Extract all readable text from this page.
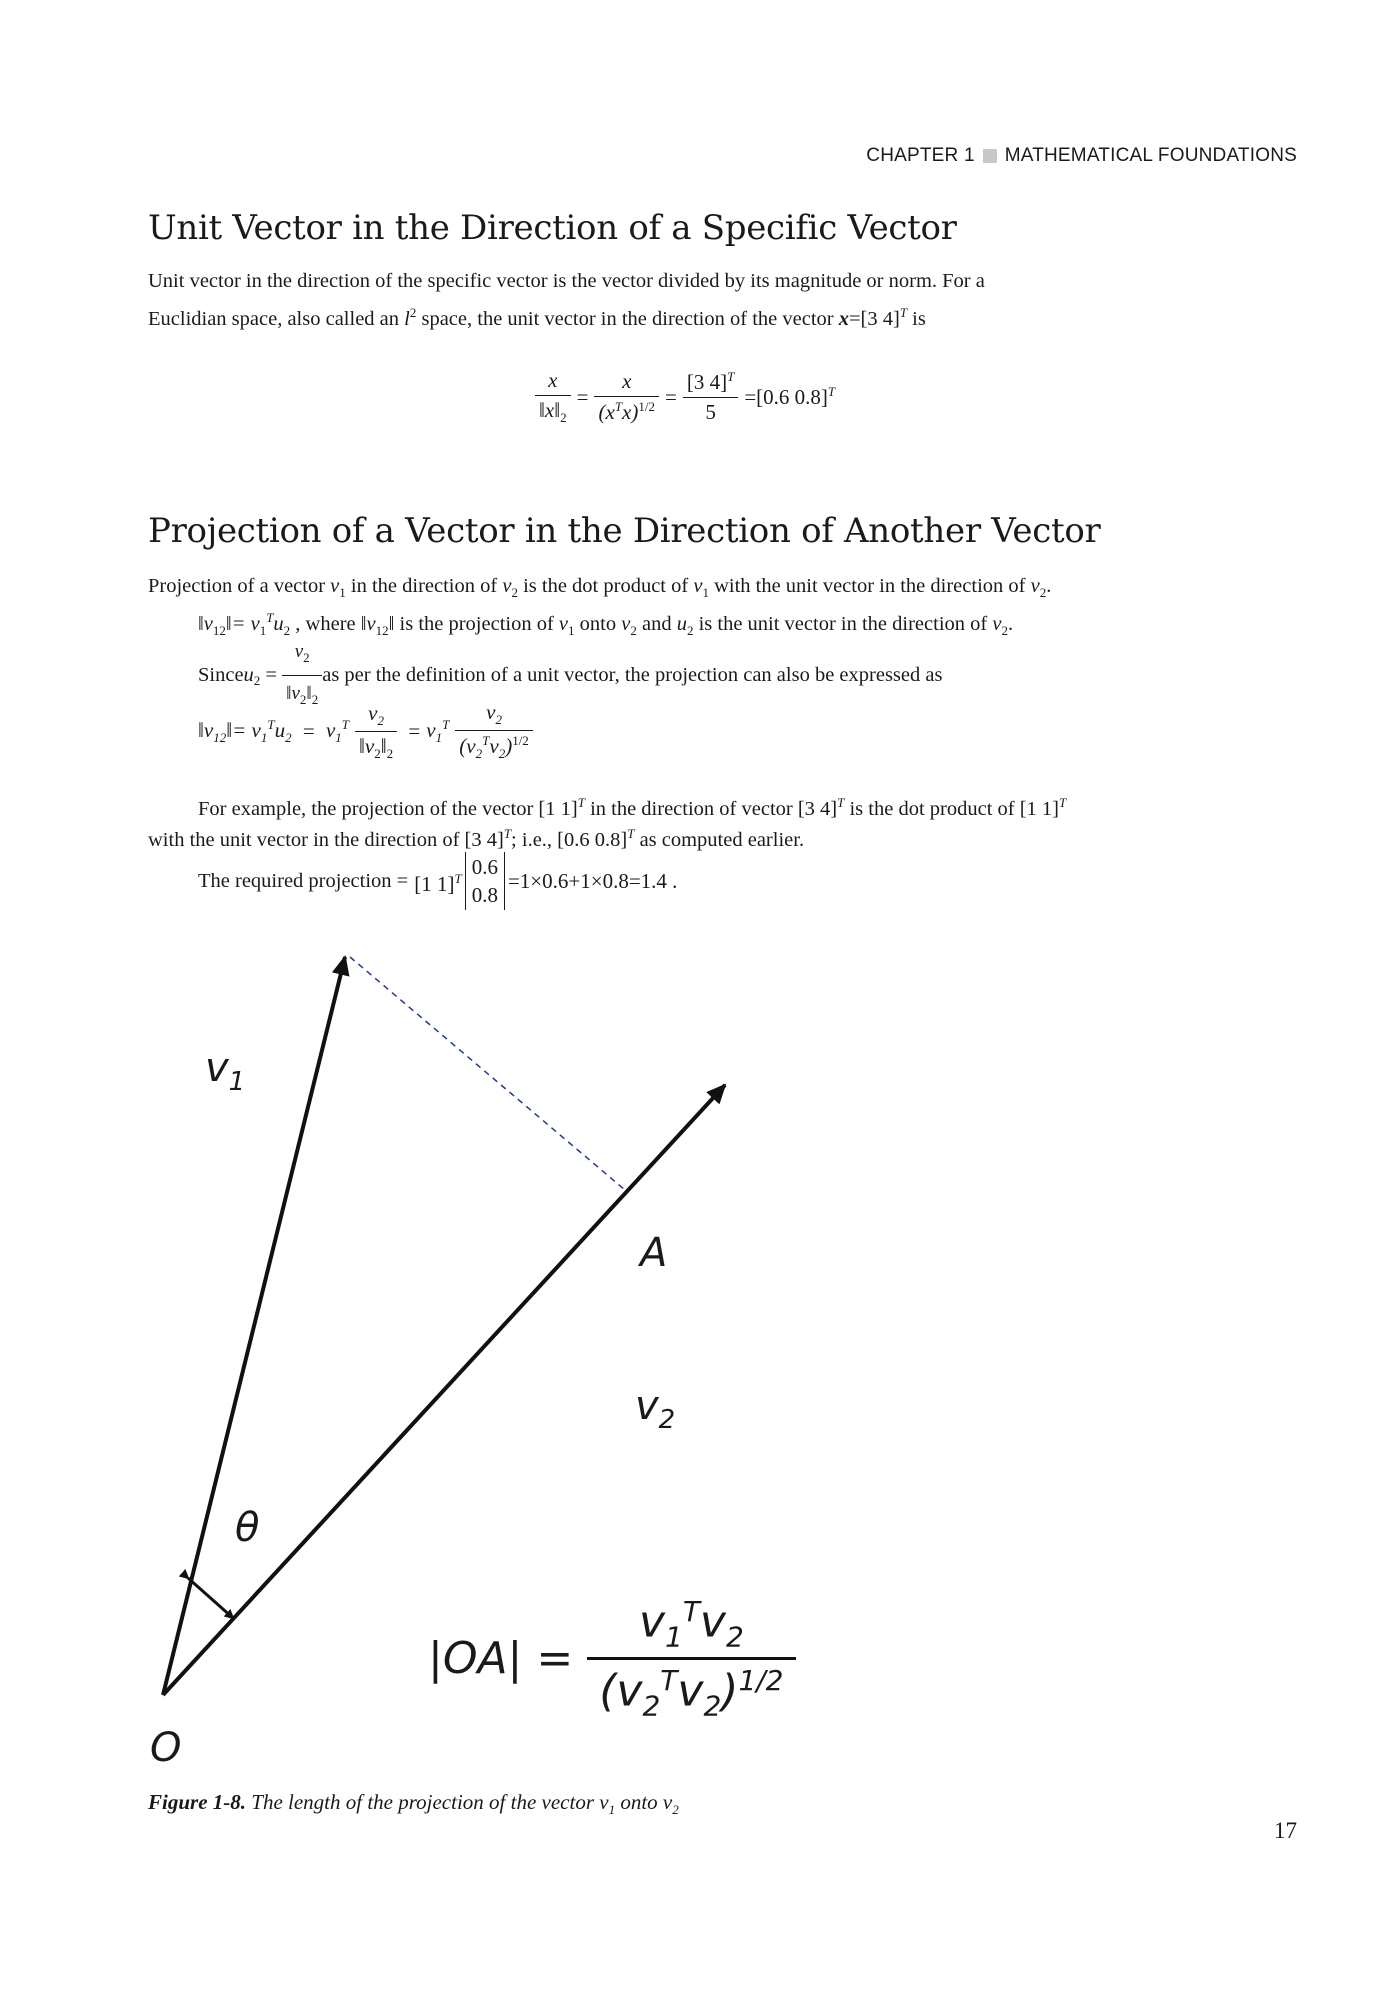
CHAPTER 1 MATHEMATICAL FOUNDATIONS
Unit Vector in the Direction of a Specific Vector
Unit vector in the direction of the specific vector is the vector divided by its magnitude or norm. For a
Euclidian space, also called an $l^2$ space, the unit vector in the direction of the vector x=[3 4]$^T$ is
$\frac{x}{‖x‖_2} = \frac{x}{(x^Tx)^{1/2}} = \frac{[3 4]^T}{5} =[0.6$ 0.8]$^T$
Projection of a Vector in the Direction of Another Vector
Projection of a vector $v_1$ in the direction of $v_2$ is the dot product of $v_1$ with the unit vector in the direction of $v_2$.
$‖v_{12}‖= v_1^Tu_2$ , where $‖v_{12}‖$ is the projection of $v_1$ onto $v_2$ and $u_2$ is the unit vector in the direction of $v_2$.
Since $u_2 = \frac{v_2}{‖v_2‖_2}$ as per the definition of a unit vector, the projection can also be expressed as
$‖v_{12}‖= v_1^Tu_2 = v_1^T \frac{v_2}{‖v_2‖_2} = v_1^T \frac{v_2}{(v_2^Tv_2)^{1/2}}$
For example, the projection of the vector [1 1]$^T$ in the direction of vector [3 4]$^T$ is the dot product of [1 1]$^T$
with the unit vector in the direction of [3 4]$^T$; i.e., [0.6 0.8]$^T$ as computed earlier.
The required projection = [1 1]$^T$ 0.6
0.8
=1×0.6+1×0.8=1.4 .
$v_1$
A
$v_2$
θ
O
$|OA| = \frac{v_1^Tv_2}{(v_2^Tv_2)^{1/2}}$
Figure 1-8. The length of the projection of the vector $v_1$ onto $v_2$
17
